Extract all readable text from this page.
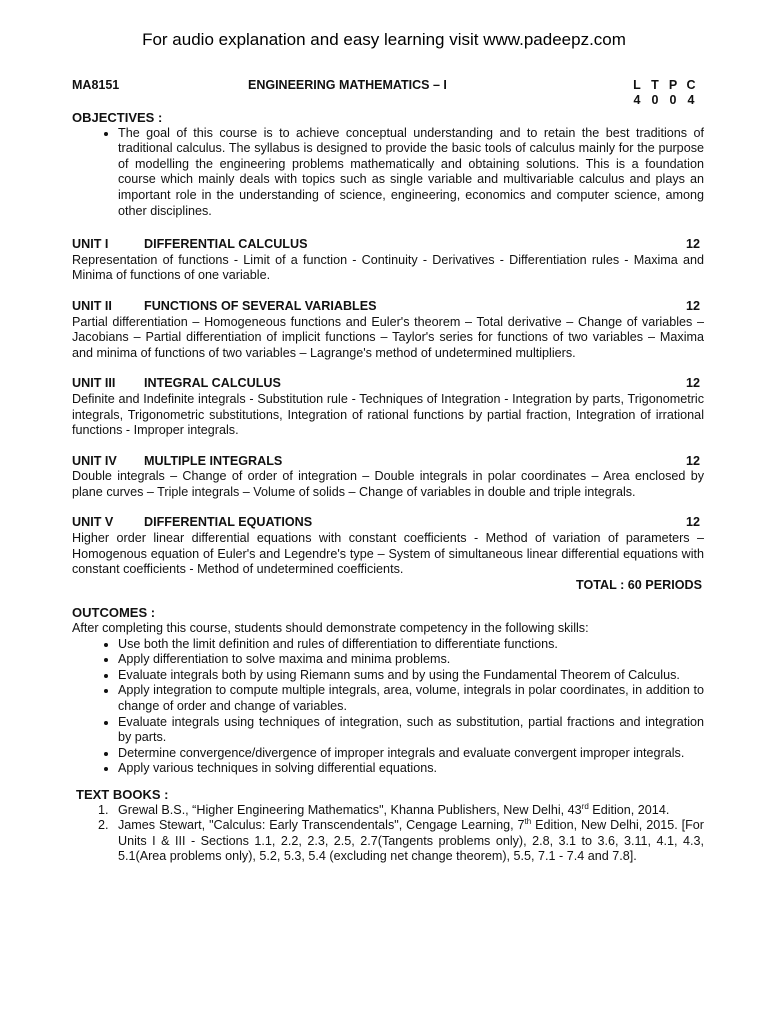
For audio explanation and easy learning visit www.padeepz.com
MA8151	ENGINEERING MATHEMATICS – I	L T P C
4 0 0 4
OBJECTIVES :
• The goal of this course is to achieve conceptual understanding and to retain the best traditions of traditional calculus. The syllabus is designed to provide the basic tools of calculus mainly for the purpose of modelling the engineering problems mathematically and obtaining solutions. This is a foundation course which mainly deals with topics such as single variable and multivariable calculus and plays an important role in the understanding of science, engineering, economics and computer science, among other disciplines.
UNIT I	DIFFERENTIAL CALCULUS	12
Representation of functions - Limit of a function - Continuity - Derivatives - Differentiation rules - Maxima and Minima of functions of one variable.
UNIT II	FUNCTIONS OF SEVERAL VARIABLES	12
Partial differentiation – Homogeneous functions and Euler's theorem – Total derivative – Change of variables – Jacobians – Partial differentiation of implicit functions – Taylor's series for functions of two variables – Maxima and minima of functions of two variables – Lagrange's method of undetermined multipliers.
UNIT III INTEGRAL CALCULUS	12
Definite and Indefinite integrals - Substitution rule - Techniques of Integration - Integration by parts, Trigonometric integrals, Trigonometric substitutions, Integration of rational functions by partial fraction, Integration of irrational functions - Improper integrals.
UNIT IV MULTIPLE INTEGRALS	12
Double integrals – Change of order of integration – Double integrals in polar coordinates – Area enclosed by plane curves – Triple integrals – Volume of solids – Change of variables in double and triple integrals.
UNIT V DIFFERENTIAL EQUATIONS	12
Higher order linear differential equations with constant coefficients - Method of variation of parameters – Homogenous equation of Euler's and Legendre's type – System of simultaneous linear differential equations with constant coefficients - Method of undetermined coefficients.
TOTAL : 60 PERIODS
OUTCOMES :
After completing this course, students should demonstrate competency in the following skills:
• Use both the limit definition and rules of differentiation to differentiate functions.
• Apply differentiation to solve maxima and minima problems.
• Evaluate integrals both by using Riemann sums and by using the Fundamental Theorem of Calculus.
• Apply integration to compute multiple integrals, area, volume, integrals in polar coordinates, in addition to change of order and change of variables.
• Evaluate integrals using techniques of integration, such as substitution, partial fractions and integration by parts.
• Determine convergence/divergence of improper integrals and evaluate convergent improper integrals.
• Apply various techniques in solving differential equations.
TEXT BOOKS :
1. Grewal B.S., “Higher Engineering Mathematics", Khanna Publishers, New Delhi, 43rd Edition, 2014.
2. James Stewart, "Calculus: Early Transcendentals", Cengage Learning, 7th Edition, New Delhi, 2015. [For Units I & III - Sections 1.1, 2.2, 2.3, 2.5, 2.7(Tangents problems only), 2.8, 3.1 to 3.6, 3.11, 4.1, 4.3, 5.1(Area problems only), 5.2, 5.3, 5.4 (excluding net change theorem), 5.5, 7.1 - 7.4 and 7.8].
